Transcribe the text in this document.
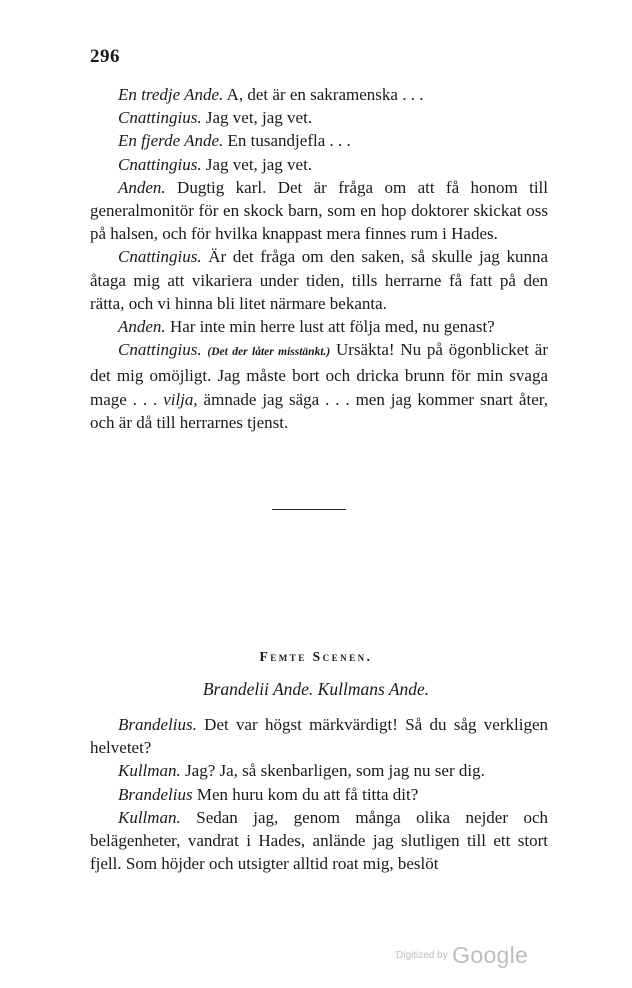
296

En tredje Ande. A, det är en sakramenska . . .

Cnattingius. Jag vet, jag vet.

En fjerde Ande. En tusandjefla . . .

Cnattingius. Jag vet, jag vet.

Anden. Dugtig karl. Det är fråga om att få honom till generalmonitör för en skock barn, som en hop doktorer skickat oss på halsen, och för hvilka knappast mera finnes rum i Hades.

Cnattingius. Är det fråga om den saken, så skulle jag kunna åtaga mig att vikariera under tiden, tills herrarne få fatt på den rätta, och vi hinna bli litet närmare bekanta.

Anden. Har inte min herre lust att följa med, nu genast?

Cnattingius. (Det der låter misstänkt.) Ursäkta! Nu på ögonblicket är det mig omöjligt. Jag måste bort och dricka brunn för min svaga mage . . . vilja, ämnade jag säga . . . men jag kommer snart åter, och är då till herrarnes tjenst.

Femte Scenen.
Brandelii Ande. Kullmans Ande.

Brandelius. Det var högst märkvärdigt! Så du såg verkligen helvetet?

Kullman. Jag? Ja, så skenbarligen, som jag nu ser dig.

Brandelius Men huru kom du att få titta dit?

Kullman. Sedan jag, genom många olika nejder och belägenheter, vandrat i Hades, anlände jag slutligen till ett stort fjell. Som höjder och utsigter alltid roat mig, beslöt

Digitized by Google
